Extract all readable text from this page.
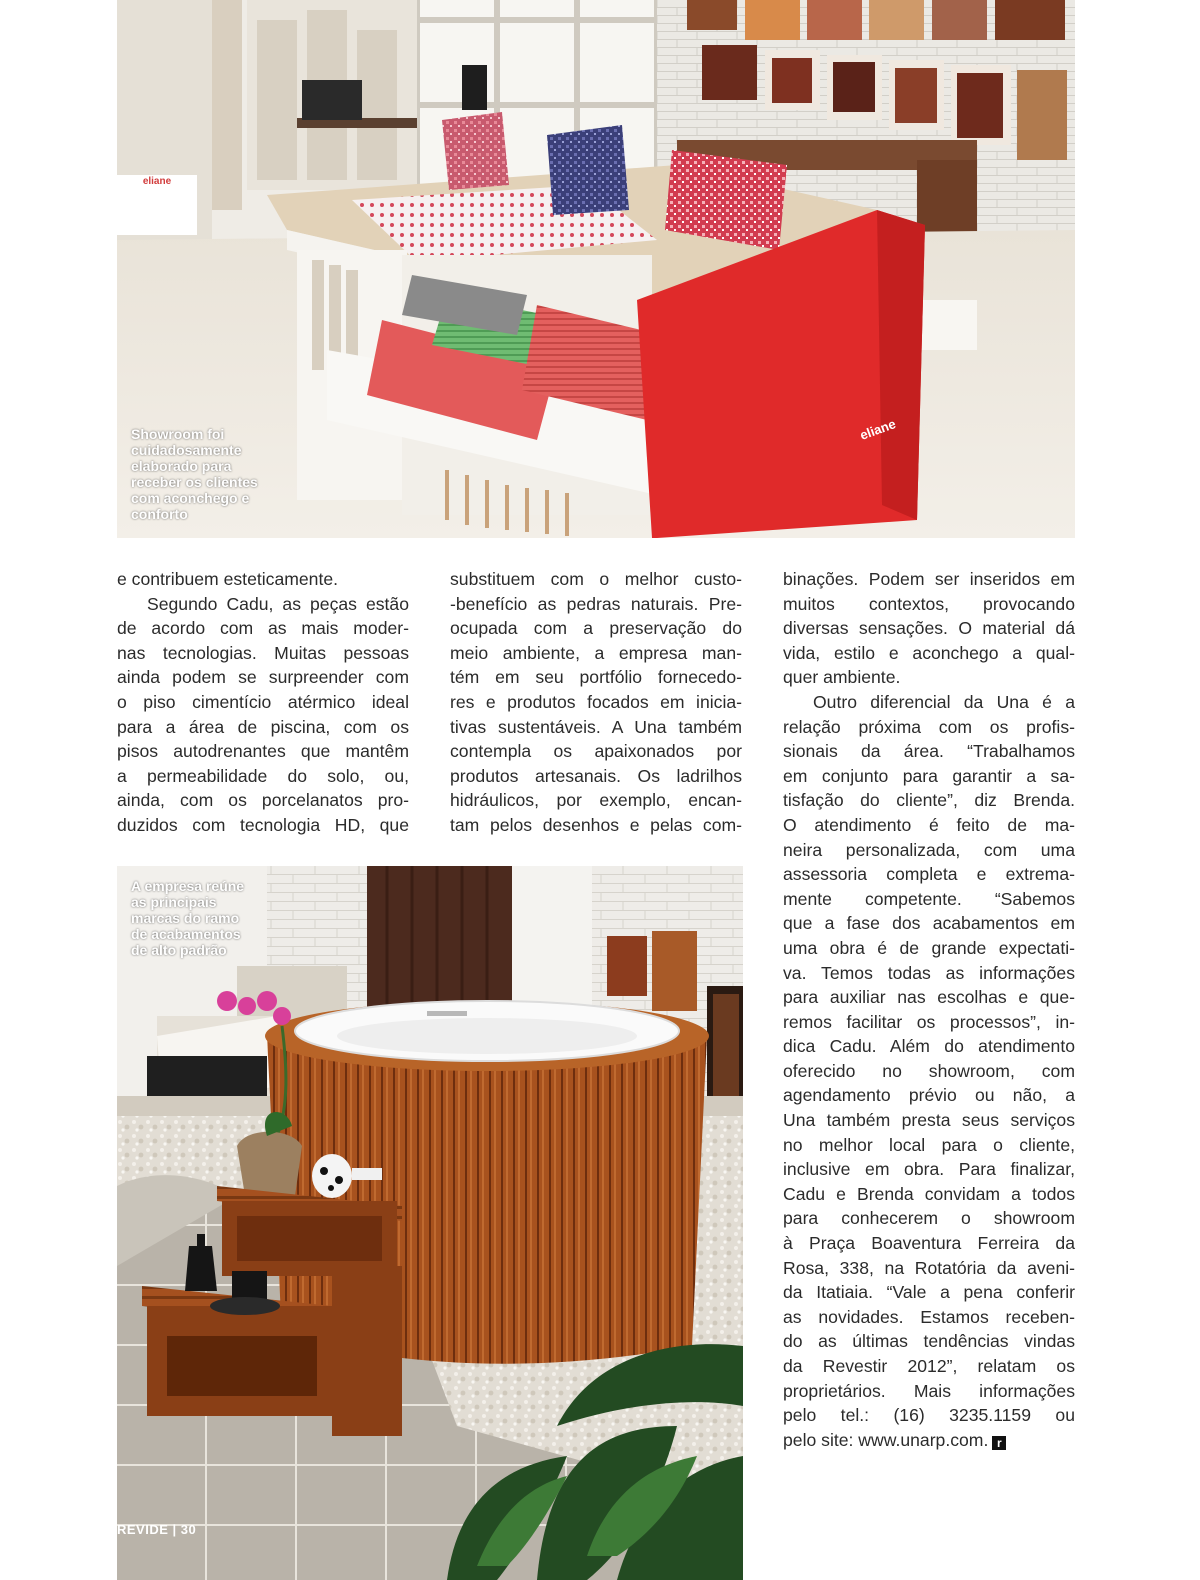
eliane
eliane
Showroom foi
cuidadosamente
elaborado para
receber os clientes
com aconchego e
conforto
e contribuem esteticamente.
Segundo Cadu, as peças estão
de acordo com as mais moder-
nas tecnologias. Muitas pessoas
ainda podem se surpreender com
o piso cimentício atérmico ideal
para a área de piscina, com os
pisos autodrenantes que mantêm
a permeabilidade do solo, ou,
ainda, com os porcelanatos pro-
duzidos com tecnologia HD, que
substituem com o melhor custo-
-benefício as pedras naturais. Pre-
ocupada com a preservação do
meio ambiente, a empresa man-
tém em seu portfólio fornecedo-
res e produtos focados em inicia-
tivas sustentáveis. A Una também
contempla os apaixonados por
produtos artesanais. Os ladrilhos
hidráulicos, por exemplo, encan-
tam pelos desenhos e pelas com-
binações. Podem ser inseridos em
muitos contextos, provocando
diversas sensações. O material dá
vida, estilo e aconchego a qual-
quer ambiente.
Outro diferencial da Una é a
relação próxima com os profis-
sionais da área. “Trabalhamos
em conjunto para garantir a sa-
tisfação do cliente”, diz Brenda.
O atendimento é feito de ma-
neira personalizada, com uma
assessoria completa e extrema-
mente competente. “Sabemos
que a fase dos acabamentos em
uma obra é de grande expectati-
va. Temos todas as informações
para auxiliar nas escolhas e que-
remos facilitar os processos”, in-
dica Cadu. Além do atendimento
oferecido no showroom, com
agendamento prévio ou não, a
Una também presta seus serviços
no melhor local para o cliente,
inclusive em obra. Para finalizar,
Cadu e Brenda convidam a todos
para conhecerem o showroom
à Praça Boaventura Ferreira da
Rosa, 338, na Rotatória da aveni-
da Itatiaia. “Vale a pena conferir
as novidades. Estamos receben-
do as últimas tendências vindas
da Revestir 2012”, relatam os
proprietários. Mais informações
pelo tel.: (16) 3235.1159 ou
pelo site: www.unarp.com. r
A empresa reúne
as principais
marcas do ramo
de acabamentos
de alto padrão
REVIDE | 30
